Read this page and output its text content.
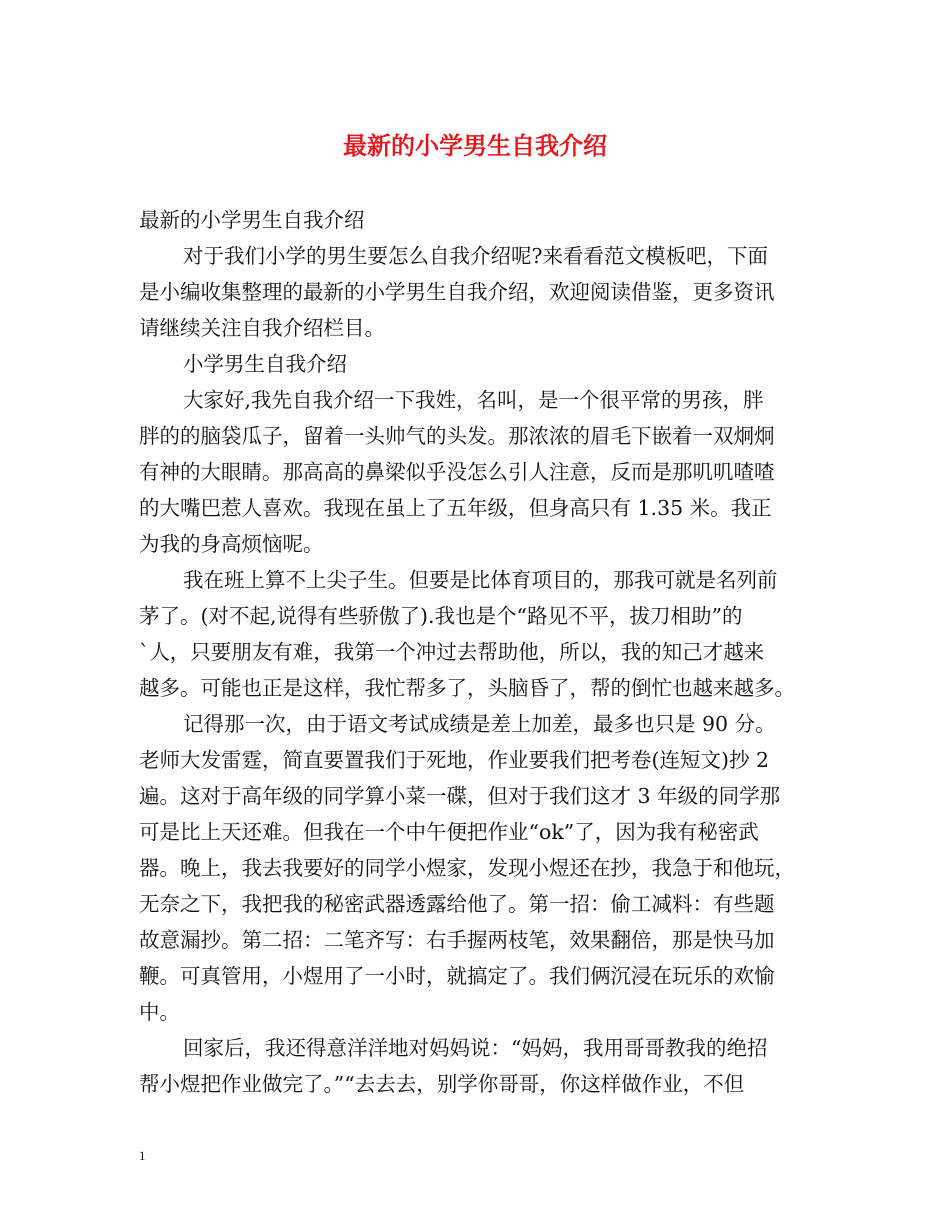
最新的小学男生自我介绍
最新的小学男生自我介绍
对于我们小学的男生要怎么自我介绍呢?来看看范文模板吧，下面
是小编收集整理的最新的小学男生自我介绍，欢迎阅读借鉴，更多资讯
请继续关注自我介绍栏目。
小学男生自我介绍
大家好,我先自我介绍一下我姓，名叫，是一个很平常的男孩，胖
胖的的脑袋瓜子，留着一头帅气的头发。那浓浓的眉毛下嵌着一双炯炯
有神的大眼睛。那高高的鼻梁似乎没怎么引人注意，反而是那叽叽喳喳
的大嘴巴惹人喜欢。我现在虽上了五年级，但身高只有 1.35 米。我正
为我的身高烦恼呢。
我在班上算不上尖子生。但要是比体育项目的，那我可就是名列前
茅了。(对不起,说得有些骄傲了).我也是个“路见不平，拔刀相助”的
`人，只要朋友有难，我第一个冲过去帮助他，所以，我的知己才越来
越多。可能也正是这样，我忙帮多了，头脑昏了，帮的倒忙也越来越多。
记得那一次，由于语文考试成绩是差上加差，最多也只是 90 分。
老师大发雷霆，简直要置我们于死地，作业要我们把考卷(连短文)抄 2
遍。这对于高年级的同学算小菜一碟，但对于我们这才 3 年级的同学那
可是比上天还难。但我在一个中午便把作业“ok”了，因为我有秘密武
器。晚上，我去我要好的同学小煜家，发现小煜还在抄，我急于和他玩，
无奈之下，我把我的秘密武器透露给他了。第一招：偷工减料：有些题
故意漏抄。第二招：二笔齐写：右手握两枝笔，效果翻倍，那是快马加
鞭。可真管用，小煜用了一小时，就搞定了。我们俩沉浸在玩乐的欢愉
中。
回家后，我还得意洋洋地对妈妈说：“妈妈，我用哥哥教我的绝招
帮小煜把作业做完了。”“去去去，别学你哥哥，你这样做作业，不但
1
